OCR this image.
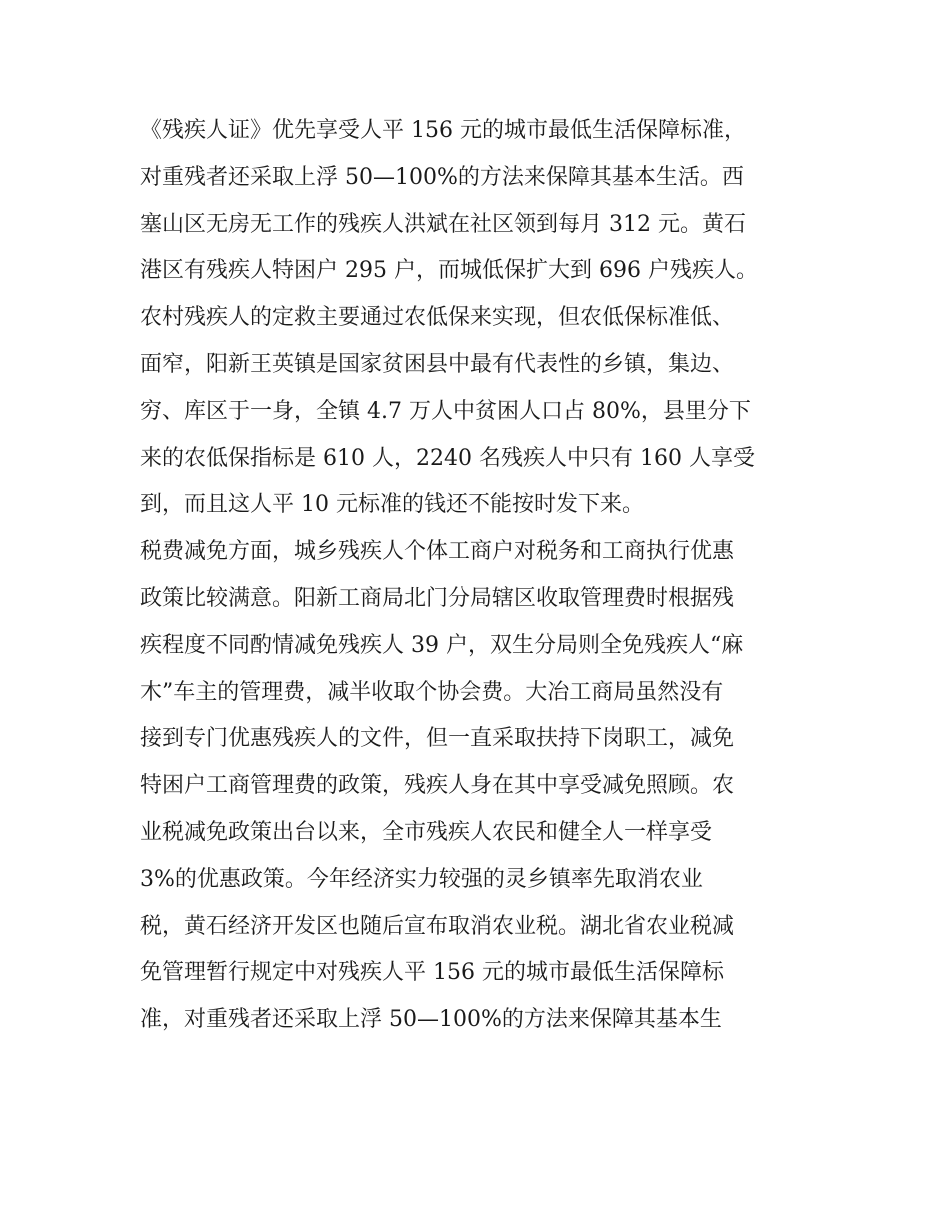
《残疾人证》优先享受人平 156 元的城市最低生活保障标准，
对重残者还采取上浮 50—100%的方法来保障其基本生活。西
塞山区无房无工作的残疾人洪斌在社区领到每月 312 元。黄石
港区有残疾人特困户 295 户，而城低保扩大到 696 户残疾人。
农村残疾人的定救主要通过农低保来实现，但农低保标准低、
面窄，阳新王英镇是国家贫困县中最有代表性的乡镇，集边、
穷、库区于一身，全镇 4.7 万人中贫困人口占 80%，县里分下
来的农低保指标是 610 人，2240 名残疾人中只有 160 人享受
到，而且这人平 10 元标准的钱还不能按时发下来。
税费减免方面，城乡残疾人个体工商户对税务和工商执行优惠
政策比较满意。阳新工商局北门分局辖区收取管理费时根据残
疾程度不同酌情减免残疾人 39 户，双生分局则全免残疾人“麻
木”车主的管理费，减半收取个协会费。大冶工商局虽然没有
接到专门优惠残疾人的文件，但一直采取扶持下岗职工，减免
特困户工商管理费的政策，残疾人身在其中享受减免照顾。农
业税减免政策出台以来，全市残疾人农民和健全人一样享受
3%的优惠政策。今年经济实力较强的灵乡镇率先取消农业
税，黄石经济开发区也随后宣布取消农业税。湖北省农业税减
免管理暂行规定中对残疾人平 156 元的城市最低生活保障标
准，对重残者还采取上浮 50—100%的方法来保障其基本生
